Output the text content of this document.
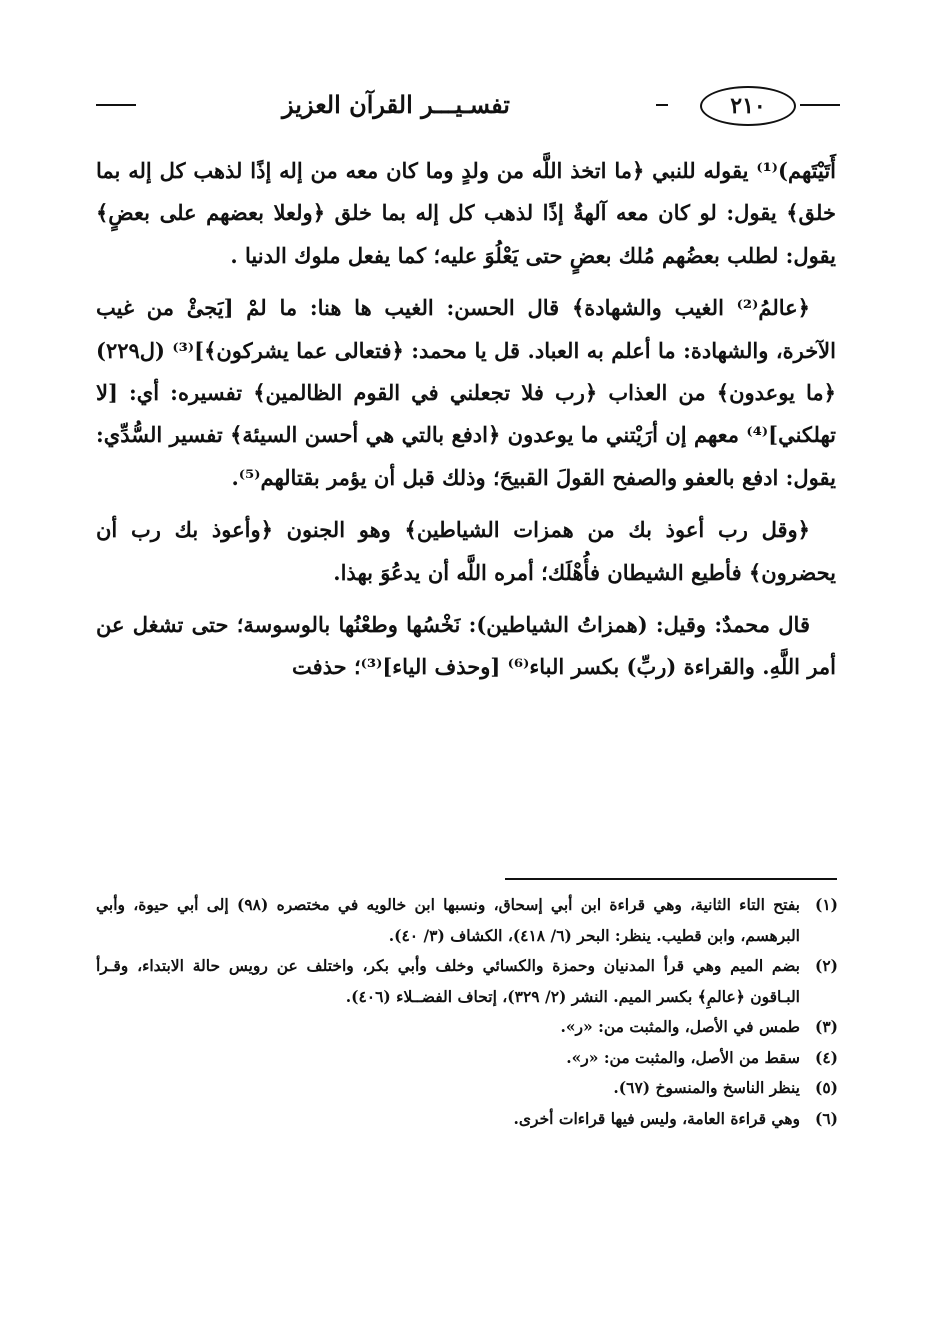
تفسـيـــر القرآن العزيز	٢١٠

أَتَيْتَهم)⁽¹⁾ يقوله للنبي ﴿ما اتخذ اللَّه من ولدٍ وما كان معه من إله إذًا لذهب كل إله بما خلق﴾ يقول: لو كان معه آلهةٌ إذًا لذهب كل إله بما خلق ﴿ولعلا بعضهم على بعضٍ﴾ يقول: لطلب بعضُهم مُلك بعضٍ حتى يَعْلُوَ عليه؛ كما يفعل ملوك الدنيا .

﴿عالمُ⁽²⁾ الغيب والشهادة﴾ قال الحسن: الغيب ها هنا: ما لمْ [يَجئْ من غيب الآخرة، والشهادة: ما أعلم به العباد. قل يا محمد: ﴿فتعالى عما يشركون﴾]⁽³⁾ (ل٢٢٩) ﴿ما يوعدون﴾ من العذاب ﴿رب فلا تجعلني في القوم الظالمين﴾ تفسيره: أي: [لا تهلكني]⁽⁴⁾ معهم إن أرَيْتني ما يوعدون ﴿ادفع بالتي هي أحسن السيئة﴾ تفسير السُّدِّي: يقول: ادفع بالعفو والصفح القولَ القبيحَ؛ وذلك قبل أن يؤمر بقتالهم⁽⁵⁾.

﴿وقل رب أعوذ بك من همزات الشياطين﴾ وهو الجنون ﴿وأعوذ بك رب أن يحضرون﴾ فأطيع الشيطان فأُهْلَك؛ أمره اللَّه أن يدعُوَ بهذا.

قال محمدٌ: وقيل: (همزاتُ الشياطين): نَخْسُها وطعْنُها بالوسوسة؛ حتى تشغل عن أمر اللَّهِ. والقراءة (ربِّ) بكسر الباء⁽⁶⁾ [وحذف الياء]⁽³⁾؛ حذفت

(١)
بفتح التاء الثانية، وهي قراءة ابن أبي إسحاق، ونسبها ابن خالويه في مختصره (٩٨) إلى أبي حيوة، وأبي البرهسم، وابن قطيب. ينظر: البحر (٦/ ٤١٨)، الكشاف (٣/ ٤٠).
(٢)
بضم الميم وهي قرأ المدنيان وحمزة والكسائي وخلف وأبي بكر، واختلف عن رويس حالة الابتداء، وقـرأ البـاقون ﴿عالمِ﴾ بكسر الميم. النشر (٢/ ٣٢٩)، إتحاف الفضــلاء (٤٠٦).
(٣)
طمس في الأصل، والمثبت من: «ر».
(٤)
سقط من الأصل، والمثبت من: «ر».
(٥)
ينظر الناسخ والمنسوخ (٦٧).
(٦)
وهي قراءة العامة، وليس فيها قراءات أخرى.
